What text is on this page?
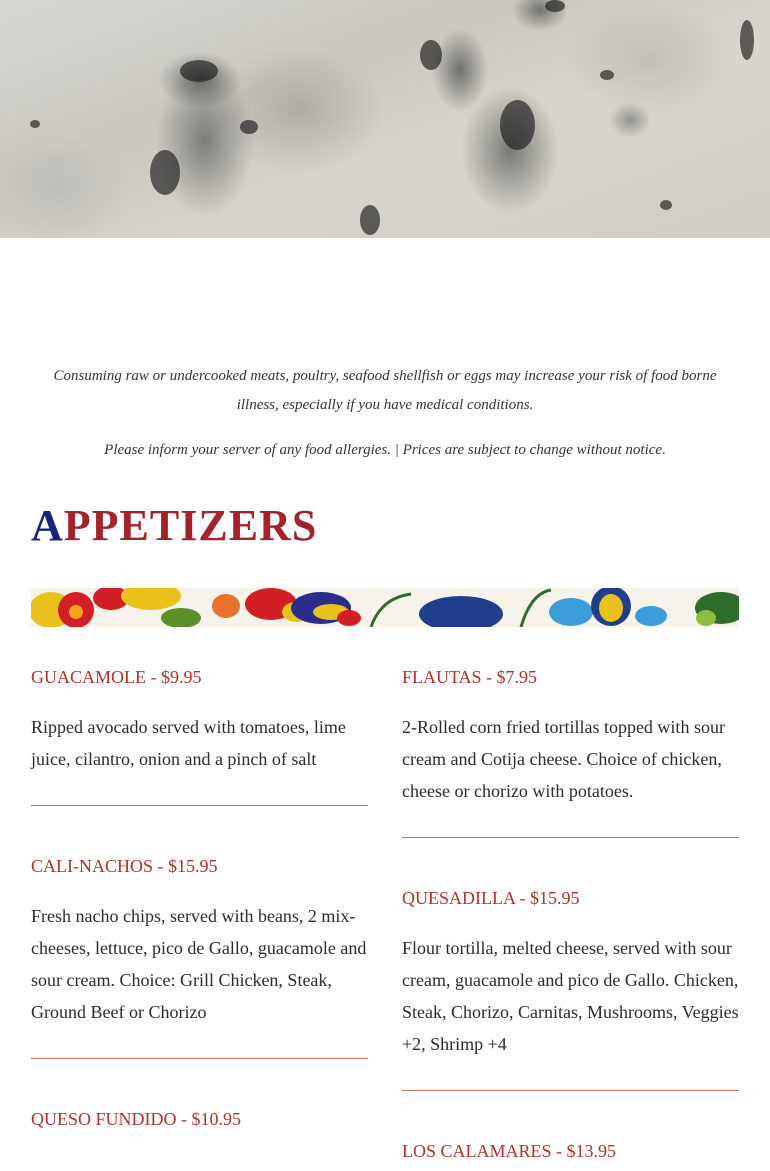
Consuming raw or undercooked meats, poultry, seafood shellfish or eggs may increase your risk of food borne illness, especially if you have medical conditions.
Please inform your server of any food allergies. | Prices are subject to change without notice.
APPETIZERS
GUACAMOLE - $9.95

Ripped avocado served with tomatoes, lime juice, cilantro, onion and a pinch of salt

CALI-NACHOS - $15.95

Fresh nacho chips, served with beans, 2 mix-cheeses, lettuce, pico de Gallo, guacamole and sour cream. Choice: Grill Chicken, Steak, Ground Beef or Chorizo

QUESO FUNDIDO - $10.95
FLAUTAS - $7.95

2-Rolled corn fried tortillas topped with sour cream and Cotija cheese. Choice of chicken, cheese or chorizo with potatoes.

QUESADILLA - $15.95

Flour tortilla, melted cheese, served with sour cream, guacamole and pico de Gallo. Chicken, Steak, Chorizo, Carnitas, Mushrooms, Veggies +2, Shrimp +4

LOS CALAMARES - $13.95
